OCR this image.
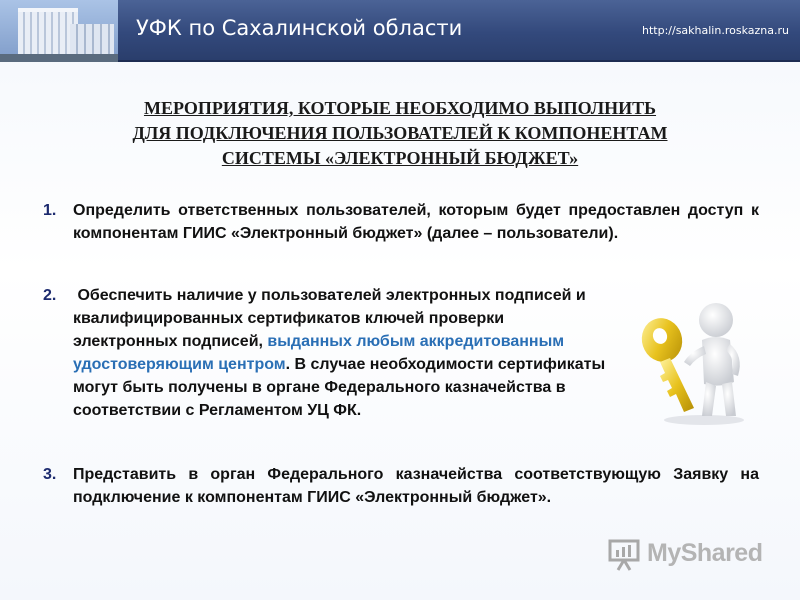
УФК по Сахалинской области	http://sakhalin.roskazna.ru
МЕРОПРИЯТИЯ, КОТОРЫЕ НЕОБХОДИМО ВЫПОЛНИТЬ
ДЛЯ ПОДКЛЮЧЕНИЯ ПОЛЬЗОВАТЕЛЕЙ К КОМПОНЕНТАМ
СИСТЕМЫ «ЭЛЕКТРОННЫЙ БЮДЖЕТ»
1. Определить ответственных пользователей, которым будет предоставлен доступ к компонентам ГИИС «Электронный бюджет» (далее – пользователи).
2. Обеспечить наличие у пользователей электронных подписей и квалифицированных сертификатов ключей проверки электронных подписей, выданных любым аккредитованным удостоверяющим центром. В случае необходимости сертификаты могут быть получены в органе Федерального казначейства в соответствии с Регламентом УЦ ФК.
3. Представить в орган Федерального казначейства соответствующую Заявку на подключение к компонентам ГИИС «Электронный бюджет».
MyShared
